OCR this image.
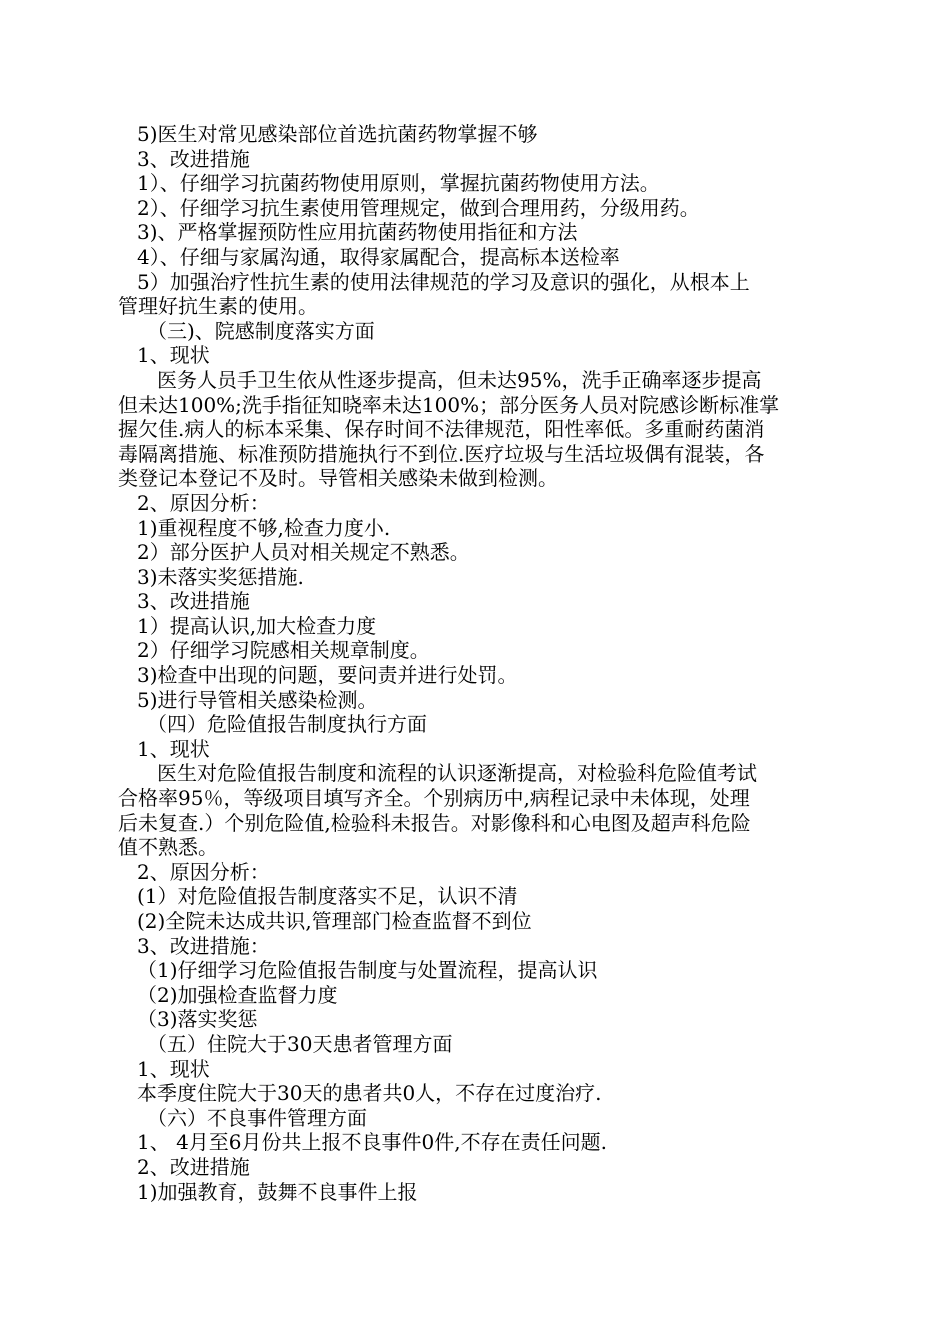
5)医生对常见感染部位首选抗菌药物掌握不够
3、改进措施
1）、仔细学习抗菌药物使用原则，掌握抗菌药物使用方法。
2）、仔细学习抗生素使用管理规定，做到合理用药，分级用药。
3)、严格掌握预防性应用抗菌药物使用指征和方法
4）、仔细与家属沟通，取得家属配合，提高标本送检率
5）加强治疗性抗生素的使用法律规范的学习及意识的强化，从根本上
管理好抗生素的使用。
（三)、院感制度落实方面
1、现状
医务人员手卫生依从性逐步提高，但未达95%，洗手正确率逐步提高
但未达100%;洗手指征知晓率未达100%；部分医务人员对院感诊断标准掌
握欠佳.病人的标本采集、保存时间不法律规范，阳性率低。多重耐药菌消
毒隔离措施、标准预防措施执行不到位.医疗垃圾与生活垃圾偶有混装，各
类登记本登记不及时。导管相关感染未做到检测。
2、原因分析：
1)重视程度不够,检查力度小.
2）部分医护人员对相关规定不熟悉。
3)未落实奖惩措施.
3、改进措施
1）提高认识,加大检查力度
2）仔细学习院感相关规章制度。
3)检查中出现的问题，要问责并进行处罚。
5)进行导管相关感染检测。
（四）危险值报告制度执行方面
1、现状
医生对危险值报告制度和流程的认识逐渐提高，对检验科危险值考试
合格率95％，等级项目填写齐全。个别病历中,病程记录中未体现，处理
后未复查.）个别危险值,检验科未报告。对影像科和心电图及超声科危险
值不熟悉。
2、原因分析：
(1）对危险值报告制度落实不足，认识不清
(2)全院未达成共识,管理部门检查监督不到位
3、改进措施：
（1)仔细学习危险值报告制度与处置流程，提高认识
（2)加强检查监督力度
（3)落实奖惩
（五）住院大于30天患者管理方面
1、现状
本季度住院大于30天的患者共0人，不存在过度治疗.
（六）不良事件管理方面
1、 4月至6月份共上报不良事件0件,不存在责任问题.
2、改进措施
1)加强教育，鼓舞不良事件上报
